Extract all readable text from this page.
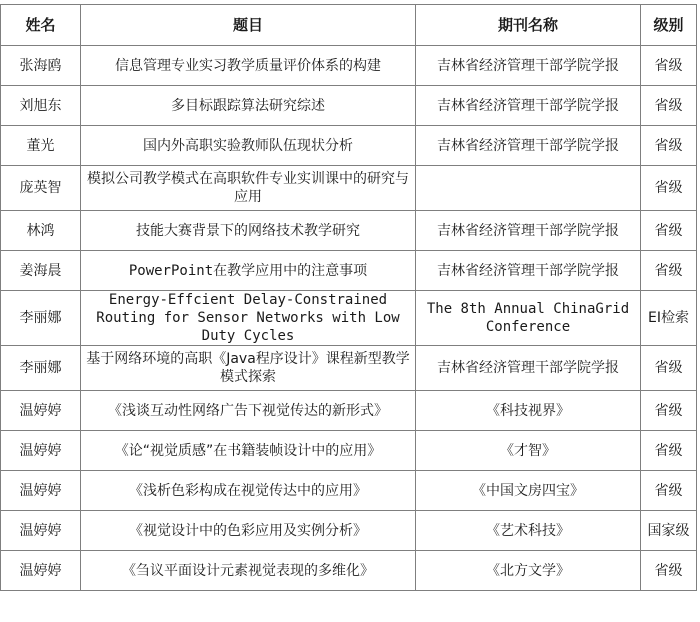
姓名	题目	期刊名称	级别
张海鸥	信息管理专业实习教学质量评价体系的构建	吉林省经济管理干部学院学报	省级
刘旭东	多目标跟踪算法研究综述	吉林省经济管理干部学院学报	省级
董光	国内外高职实验教师队伍现状分析	吉林省经济管理干部学院学报	省级
庞英智	模拟公司教学模式在高职软件专业实训课中的研究与应用		省级
林鸿	技能大赛背景下的网络技术教学研究	吉林省经济管理干部学院学报	省级
姜海晨	PowerPoint在教学应用中的注意事项	吉林省经济管理干部学院学报	省级
李丽娜	Energy-Effcient Delay-Constrained Routing for Sensor Networks with Low Duty Cycles	The 8th Annual ChinaGrid Conference	EI检索
李丽娜	基于网络环境的高职《Java程序设计》课程新型教学模式探索	吉林省经济管理干部学院学报	省级
温婷婷	《浅谈互动性网络广告下视觉传达的新形式》	《科技视界》	省级
温婷婷	《论“视觉质感”在书籍装帧设计中的应用》	《才智》	省级
温婷婷	《浅析色彩构成在视觉传达中的应用》	《中国文房四宝》	省级
温婷婷	《视觉设计中的色彩应用及实例分析》	《艺术科技》	国家级
温婷婷	《刍议平面设计元素视觉表现的多维化》	《北方文学》	省级
